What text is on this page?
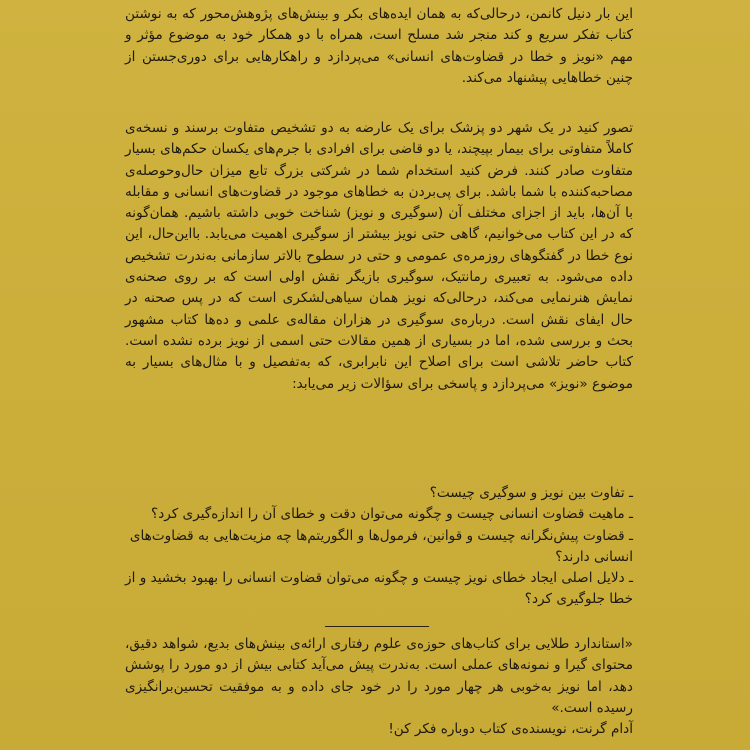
این بار دنیل کانمن، درحالی‌که به همان ایده‌های بکر و بینش‌های پژوهش‌محور که به نوشتن کتاب تفکر سریع و کند منجر شد مسلح است، همراه با دو همکار خود به موضوع مؤثر و مهم «نویز و خطا در قضاوت‌های انسانی» می‌پردازد و راهکارهایی برای دوری‌جستن از چنین خطاهایی پیشنهاد می‌کند.

تصور کنید در یک شهر دو پزشک برای یک عارضه به دو تشخیص متفاوت برسند و نسخه‌ی کاملاً متفاوتی برای بیمار بپیچند، یا دو قاضی برای افرادی با جرم‌های یکسان حکم‌های بسیار متفاوت صادر کنند. فرض کنید استخدام شما در شرکتی بزرگ تابع میزان حال‌وحوصله‌ی مصاحبه‌کننده با شما باشد. برای پی‌بردن به خطاهای موجود در قضاوت‌های انسانی و مقابله با آن‌ها، باید از اجزای مختلف آن (سوگیری و نویز) شناخت خوبی داشته باشیم. همان‌گونه که در این کتاب می‌خوانیم، گاهی حتی نویز بیشتر از سوگیری اهمیت می‌یابد. بااین‌حال، این نوع خطا در گفتگوهای روزمره‌ی عمومی و حتی در سطوح بالاتر سازمانی به‌ندرت تشخیص داده می‌شود. به تعبیری رمانتیک، سوگیری بازیگر نقش اولی است که بر روی صحنه‌ی نمایش هنرنمایی می‌کند، درحالی‌که نویز همان سیاهی‌لشکری است که در پس صحنه در حال ایفای نقش است. درباره‌ی سوگیری در هزاران مقاله‌ی علمی و ده‌ها کتاب مشهور بحث و بررسی شده، اما در بسیاری از همین مقالات حتی اسمی از نویز برده نشده است. کتاب حاضر تلاشی است برای اصلاح این نابرابری، که به‌تفصیل و با مثال‌های بسیار به موضوع «نویز» می‌پردازد و پاسخی برای سؤالات زیر می‌یابد:

ـ تفاوت بین نویز و سوگیری چیست؟

ـ ماهیت قضاوت انسانی چیست و چگونه می‌توان دقت و خطای آن را اندازه‌گیری کرد؟

ـ قضاوت پیش‌نگرانه چیست و قوانین، فرمول‌ها و الگوریتم‌ها چه مزیت‌هایی به قضاوت‌های انسانی دارند؟

ـ دلایل اصلی ایجاد خطای نویز چیست و چگونه می‌توان قضاوت انسانی را بهبود بخشید و از خطا جلوگیری کرد؟

«استاندارد طلایی برای کتاب‌های حوزه‌ی علوم رفتاری ارائه‌ی بینش‌های بدیع، شواهد دقیق، محتوای گیرا و نمونه‌های عملی است. به‌ندرت پیش می‌آید کتابی بیش از دو مورد را پوشش دهد، اما نویز به‌خوبی هر چهار مورد را در خود جای داده و به موفقیت تحسین‌برانگیزی رسیده است.»

آدام گرنت، نویسنده‌ی کتاب دوباره فکر کن!
